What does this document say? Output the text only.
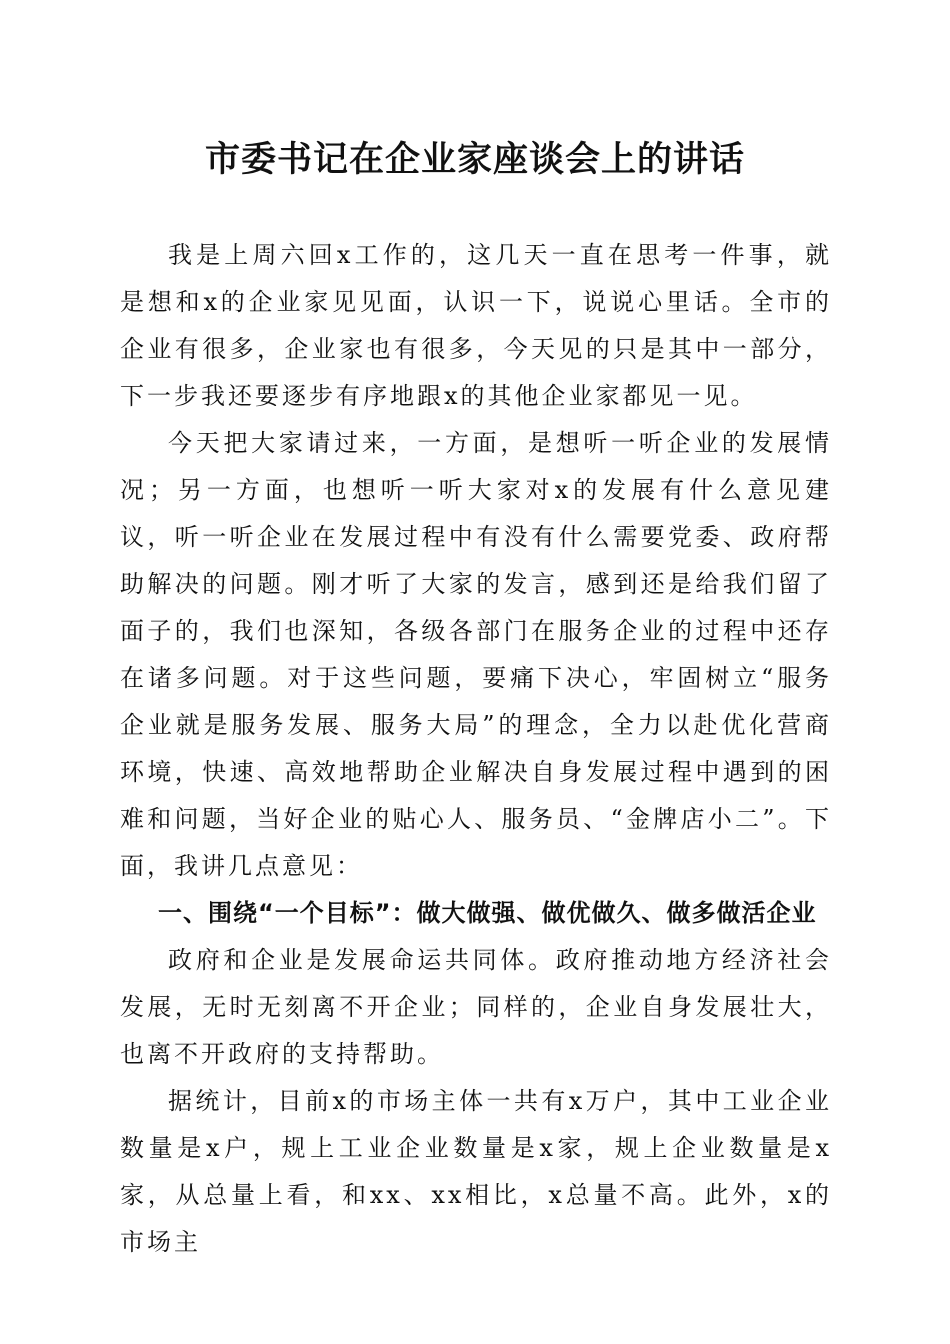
市委书记在企业家座谈会上的讲话

我是上周六回x工作的，这几天一直在思考一件事，就是想和x的企业家见见面，认识一下，说说心里话。全市的企业有很多，企业家也有很多，今天见的只是其中一部分，下一步我还要逐步有序地跟x的其他企业家都见一见。

今天把大家请过来，一方面，是想听一听企业的发展情况；另一方面，也想听一听大家对x的发展有什么意见建议，听一听企业在发展过程中有没有什么需要党委、政府帮助解决的问题。刚才听了大家的发言，感到还是给我们留了面子的，我们也深知，各级各部门在服务企业的过程中还存在诸多问题。对于这些问题，要痛下决心，牢固树立“服务企业就是服务发展、服务大局”的理念，全力以赴优化营商环境，快速、高效地帮助企业解决自身发展过程中遇到的困难和问题，当好企业的贴心人、服务员、“金牌店小二”。下面，我讲几点意见：

一、围绕“一个目标”：做大做强、做优做久、做多做活企业

政府和企业是发展命运共同体。政府推动地方经济社会发展，无时无刻离不开企业；同样的，企业自身发展壮大，也离不开政府的支持帮助。

据统计，目前x的市场主体一共有x万户，其中工业企业数量是x户，规上工业企业数量是x家，规上企业数量是x家，从总量上看，和xx、xx相比，x总量不高。此外，x的市场主
